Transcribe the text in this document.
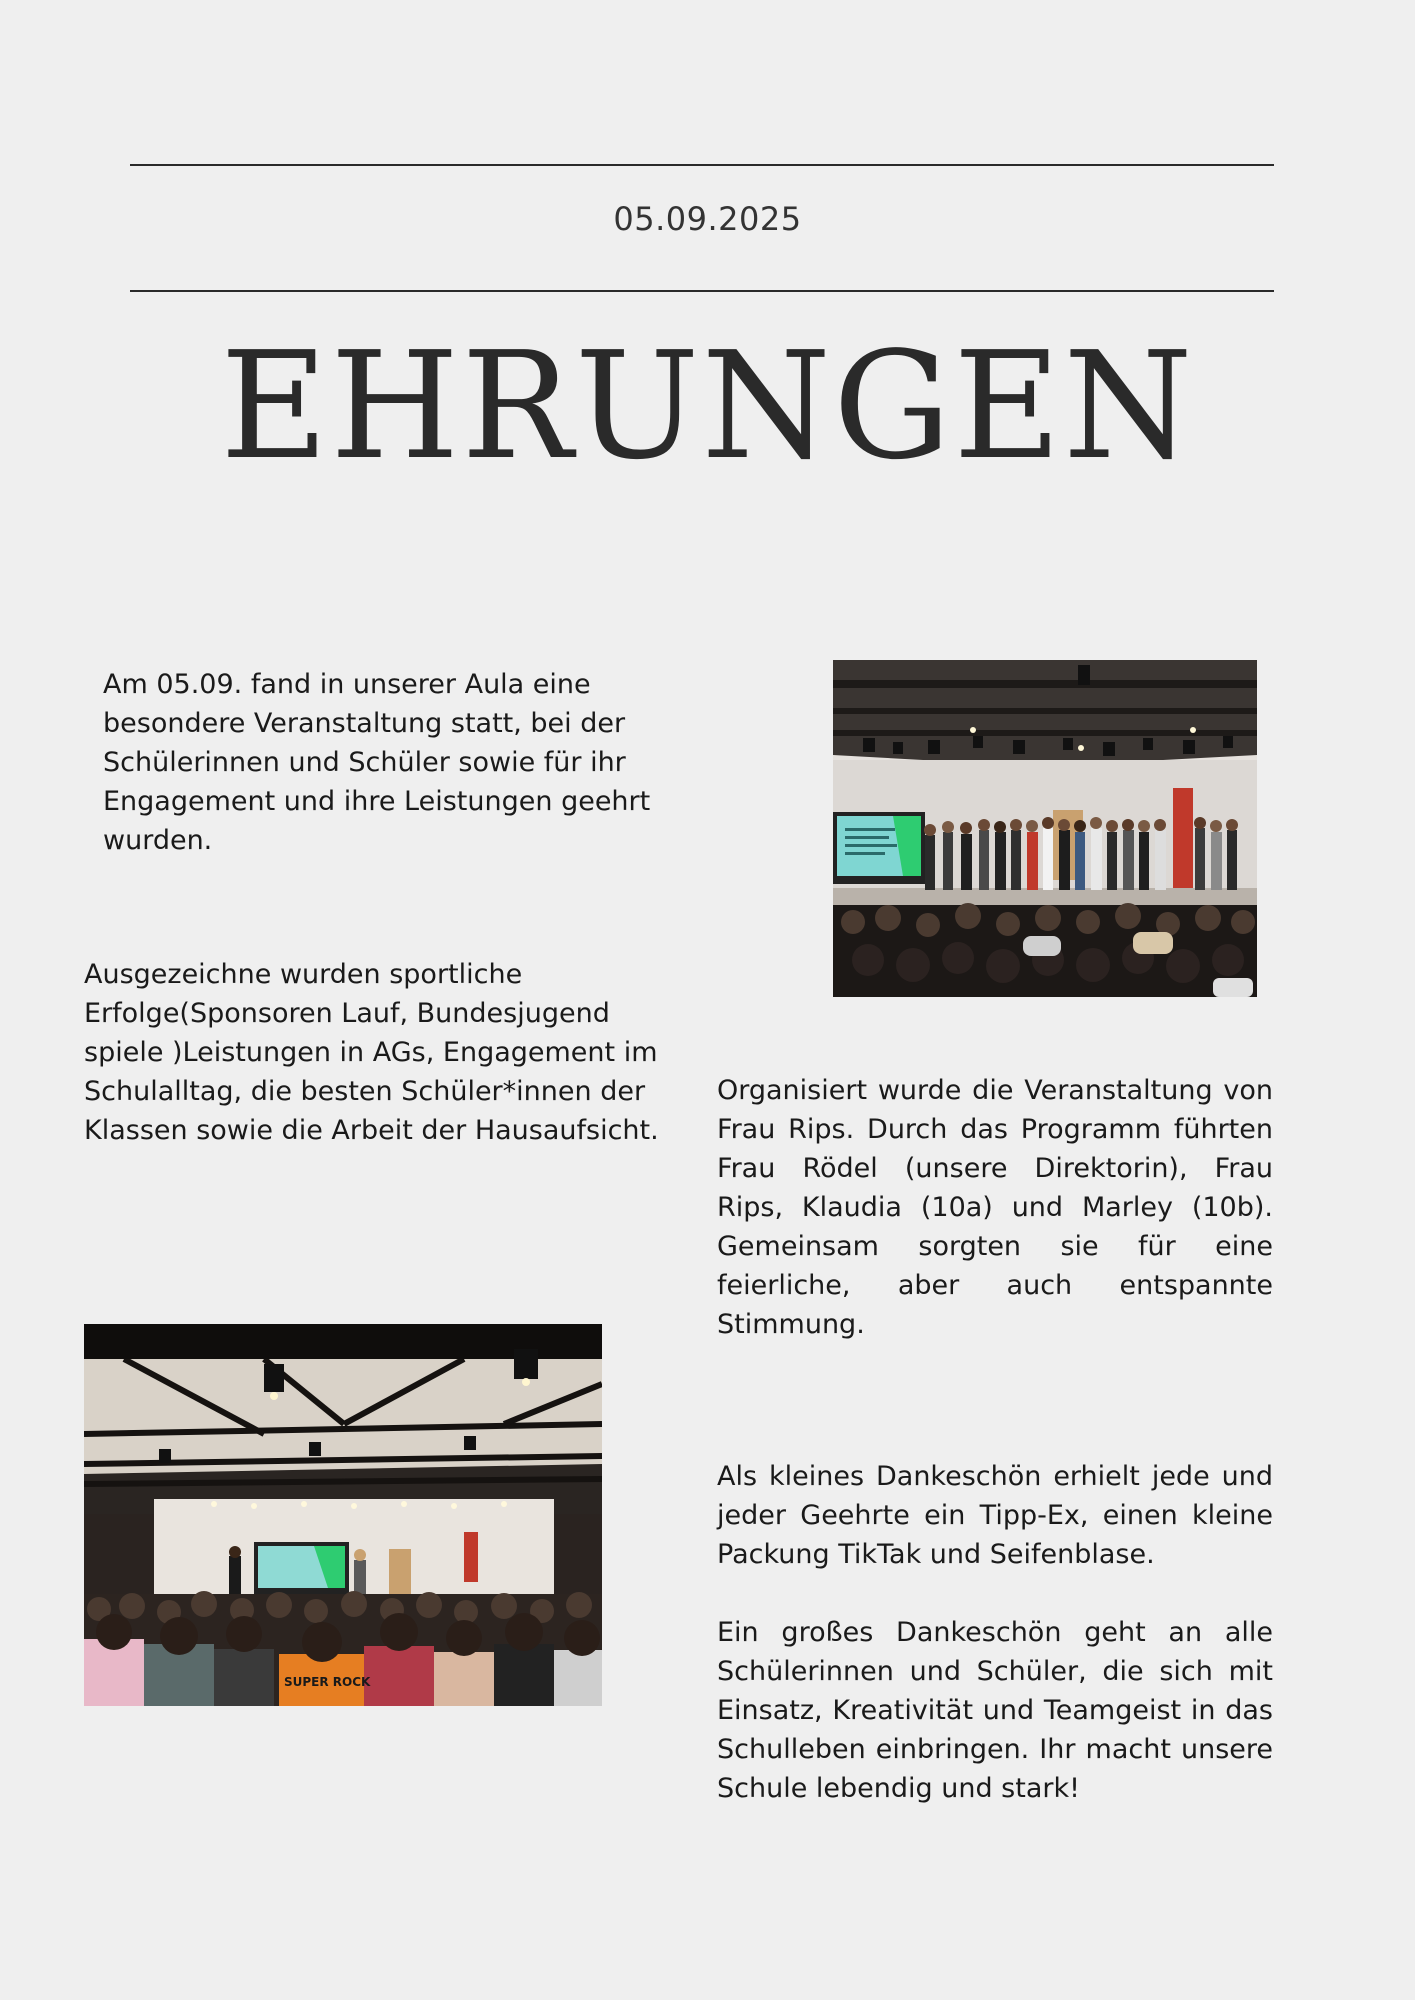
05.09.2025
EHRUNGEN

Am 05.09. fand in unserer Aula eine besondere Veranstaltung statt, bei der Schülerinnen und Schüler sowie für ihr Engagement und ihre Leistungen geehrt wurden.

Ausgezeichne wurden sportliche Erfolge(Sponsoren Lauf, Bundesjugend spiele )Leistungen in AGs, Engagement im Schulalltag, die besten Schüler*innen der Klassen sowie die Arbeit der Hausaufsicht.

Organisiert wurde die Veranstaltung von Frau Rips. Durch das Programm führten Frau Rödel (unsere Direktorin), Frau Rips, Klaudia (10a) und Marley (10b). Gemeinsam sorgten sie für eine feierliche, aber auch entspannte Stimmung.

Als kleines Dankeschön erhielt jede und jeder Geehrte ein Tipp-Ex, einen kleine Packung TikTak und Seifenblase.

Ein großes Dankeschön geht an alle Schülerinnen und Schüler, die sich mit Einsatz, Kreativität und Teamgeist in das Schulleben einbringen. Ihr macht unsere Schule lebendig und stark!

SUPER ROCK
